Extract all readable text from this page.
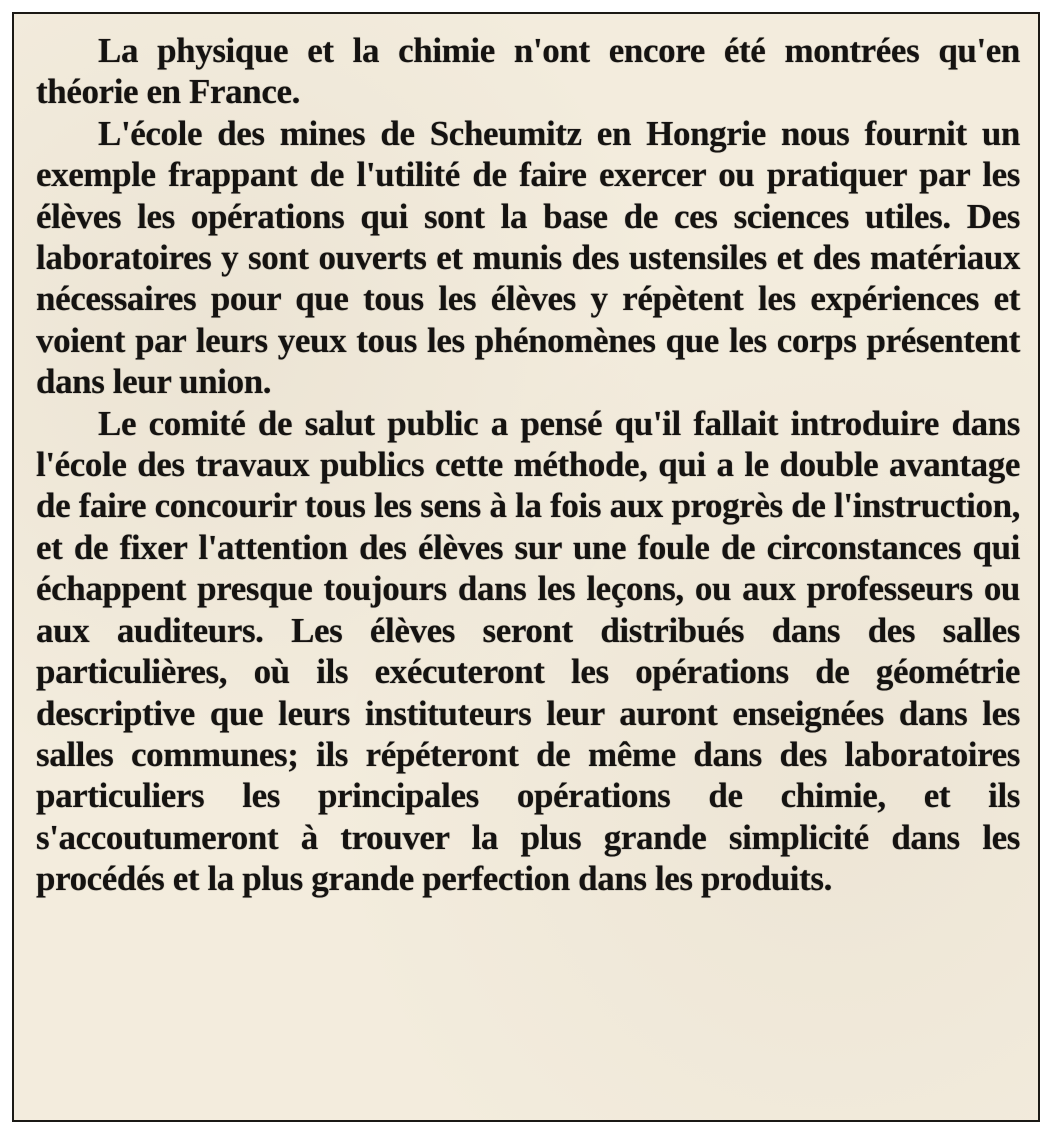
La physique et la chimie n'ont encore été montrées qu'en théorie en France.

L'école des mines de Scheumitz en Hongrie nous fournit un exemple frappant de l'utilité de faire exercer ou pratiquer par les élèves les opérations qui sont la base de ces sciences utiles. Des laboratoires y sont ouverts et munis des ustensiles et des matériaux nécessaires pour que tous les élèves y répètent les expériences et voient par leurs yeux tous les phénomènes que les corps présentent dans leur union.

Le comité de salut public a pensé qu'il fallait introduire dans l'école des travaux publics cette méthode, qui a le double avantage de faire concourir tous les sens à la fois aux progrès de l'instruction, et de fixer l'attention des élèves sur une foule de circonstances qui échappent presque toujours dans les leçons, ou aux professeurs ou aux auditeurs. Les élèves seront distribués dans des salles particulières, où ils exécuteront les opérations de géométrie descriptive que leurs instituteurs leur auront enseignées dans les salles communes; ils répéteront de même dans des laboratoires particuliers les principales opérations de chimie, et ils s'accoutumeront à trouver la plus grande simplicité dans les procédés et la plus grande perfection dans les produits.
